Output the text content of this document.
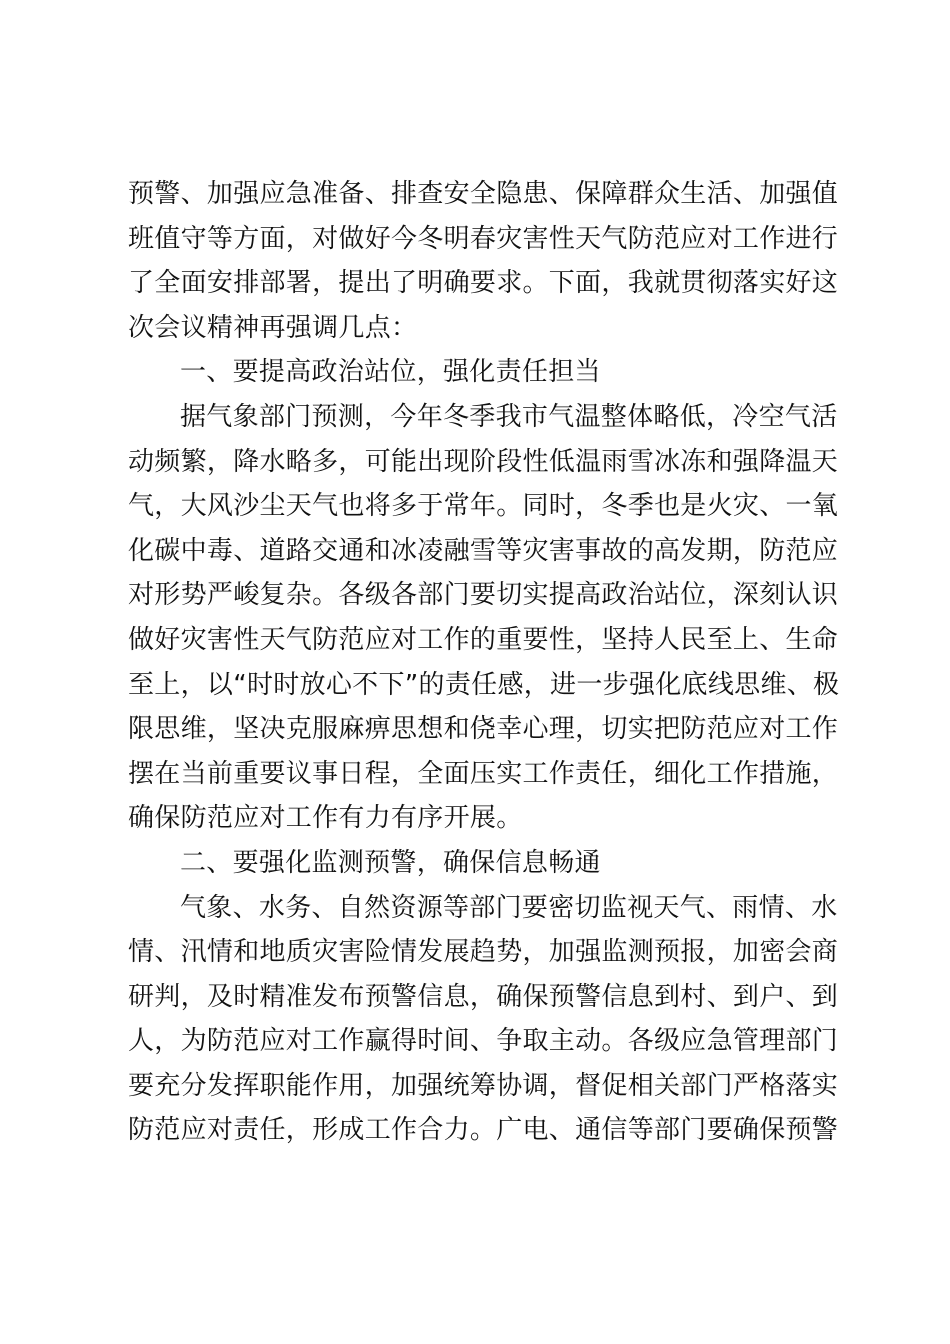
预警、加强应急准备、排查安全隐患、保障群众生活、加强值
班值守等方面，对做好今冬明春灾害性天气防范应对工作进行
了全面安排部署，提出了明确要求。下面，我就贯彻落实好这
次会议精神再强调几点：
一、要提高政治站位，强化责任担当
据气象部门预测，今年冬季我市气温整体略低，冷空气活
动频繁，降水略多，可能出现阶段性低温雨雪冰冻和强降温天
气，大风沙尘天气也将多于常年。同时，冬季也是火灾、一氧
化碳中毒、道路交通和冰凌融雪等灾害事故的高发期，防范应
对形势严峻复杂。各级各部门要切实提高政治站位，深刻认识
做好灾害性天气防范应对工作的重要性，坚持人民至上、生命
至上，以“时时放心不下”的责任感，进一步强化底线思维、极
限思维，坚决克服麻痹思想和侥幸心理，切实把防范应对工作
摆在当前重要议事日程，全面压实工作责任，细化工作措施，
确保防范应对工作有力有序开展。
二、要强化监测预警，确保信息畅通
气象、水务、自然资源等部门要密切监视天气、雨情、水
情、汛情和地质灾害险情发展趋势，加强监测预报，加密会商
研判，及时精准发布预警信息，确保预警信息到村、到户、到
人，为防范应对工作赢得时间、争取主动。各级应急管理部门
要充分发挥职能作用，加强统筹协调，督促相关部门严格落实
防范应对责任，形成工作合力。广电、通信等部门要确保预警
